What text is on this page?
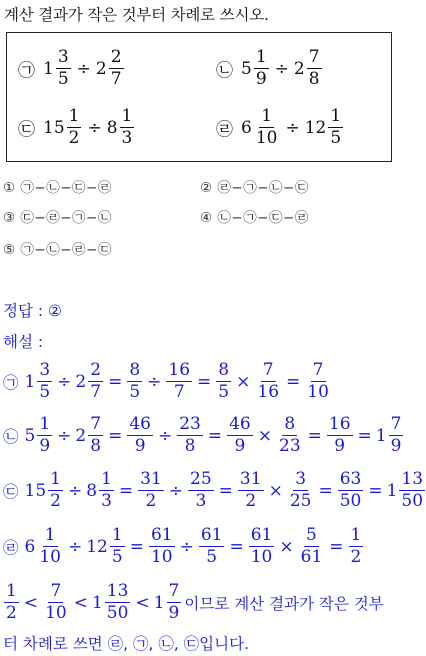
계산 결과가 작은 것부터 차례로 쓰시오.
㉠ $1 \frac{3}{5} \div 2 \frac{2}{7}$	㉡ $5 \frac{1}{9} \div 2 \frac{7}{8}$
㉢ $15 \frac{1}{2} \div 8 \frac{1}{3}$	㉣ $6 \frac{1}{10} \div 12 \frac{1}{5}$
① ㉠−㉡−㉢−㉣	② ㉣−㉠−㉡−㉢
③ ㉢−㉣−㉠−㉡	④ ㉡−㉠−㉢−㉣
⑤ ㉠−㉡−㉣−㉢
정답 : ②
해설 :
㉠ $1 \frac{3}{5} \div 2 \frac{2}{7} = \frac{8}{5} \div \frac{16}{7} = \frac{8}{5} \times \frac{7}{16} = \frac{7}{10}$
㉡ $5 \frac{1}{9} \div 2 \frac{7}{8} = \frac{46}{9} \div \frac{23}{8} = \frac{46}{9} \times \frac{8}{23} = \frac{16}{9} = 1 \frac{7}{9}$
㉢ $15 \frac{1}{2} \div 8 \frac{1}{3} = \frac{31}{2} \div \frac{25}{3} = \frac{31}{2} \times \frac{3}{25} = \frac{63}{50} = 1 \frac{13}{50}$
㉣ $6 \frac{1}{10} \div 12 \frac{1}{5} = \frac{61}{10} \div \frac{61}{5} = \frac{61}{10} \times \frac{5}{61} = \frac{1}{2}$
$\frac{1}{2} < \frac{7}{10} < 1 \frac{13}{50} < 1 \frac{7}{9}$ 이므로 계산 결과가 작은 것부
터 차례로 쓰면 ㉣, ㉠, ㉡, ㉢입니다.
